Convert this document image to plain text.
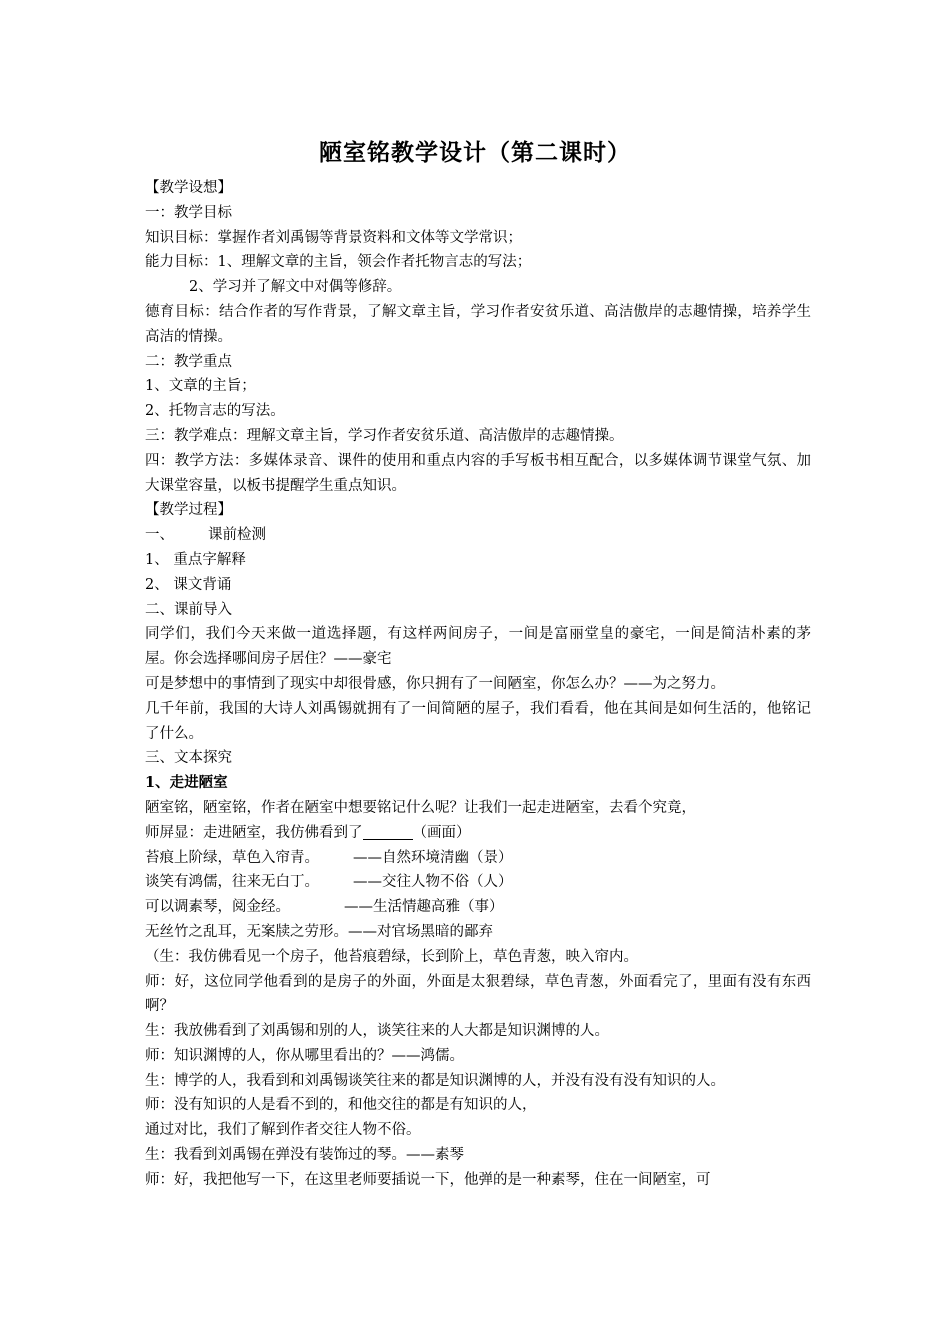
陋室铭教学设计（第二课时）
【教学设想】
一：教学目标
知识目标：掌握作者刘禹锡等背景资料和文体等文学常识；
能力目标：1、理解文章的主旨，领会作者托物言志的写法；
2、学习并了解文中对偶等修辞。
德育目标：结合作者的写作背景，了解文章主旨，学习作者安贫乐道、高洁傲岸的志趣情操，培养学生高洁的情操。
二：教学重点
1、文章的主旨；
2、托物言志的写法。
三：教学难点：理解文章主旨，学习作者安贫乐道、高洁傲岸的志趣情操。
四：教学方法：多媒体录音、课件的使用和重点内容的手写板书相互配合，以多媒体调节课堂气氛、加大课堂容量，以板书提醒学生重点知识。
【教学过程】
一、 课前检测
1、 重点字解释
2、 课文背诵
二、课前导入
同学们，我们今天来做一道选择题，有这样两间房子，一间是富丽堂皇的豪宅，一间是简洁朴素的茅屋。你会选择哪间房子居住？——豪宅
可是梦想中的事情到了现实中却很骨感，你只拥有了一间陋室，你怎么办？——为之努力。
几千年前，我国的大诗人刘禹锡就拥有了一间简陋的屋子，我们看看，他在其间是如何生活的，他铭记了什么。
三、文本探究
1、走进陋室
陋室铭，陋室铭，作者在陋室中想要铭记什么呢？让我们一起走进陋室，去看个究竟，
师屏显：走进陋室，我仿佛看到了	（画面）
苔痕上阶绿，草色入帘青。 ——自然环境清幽（景）
谈笑有鸿儒，往来无白丁。 ——交往人物不俗（人）
可以调素琴，阅金经。	——生活情趣高雅（事）
无丝竹之乱耳，无案牍之劳形。——对官场黑暗的鄙弃
（生：我仿佛看见一个房子，他苔痕碧绿，长到阶上，草色青葱，映入帘内。
师：好，这位同学他看到的是房子的外面，外面是太狠碧绿，草色青葱，外面看完了，里面有没有东西啊？
生：我放佛看到了刘禹锡和别的人，谈笑往来的人大都是知识渊博的人。
师：知识渊博的人，你从哪里看出的？——鸿儒。
生：博学的人，我看到和刘禹锡谈笑往来的都是知识渊博的人，并没有没有没有知识的人。
师：没有知识的人是看不到的，和他交往的都是有知识的人，
通过对比，我们了解到作者交往人物不俗。
生：我看到刘禹锡在弹没有装饰过的琴。——素琴
师：好，我把他写一下，在这里老师要插说一下，他弹的是一种素琴，住在一间陋室，可
